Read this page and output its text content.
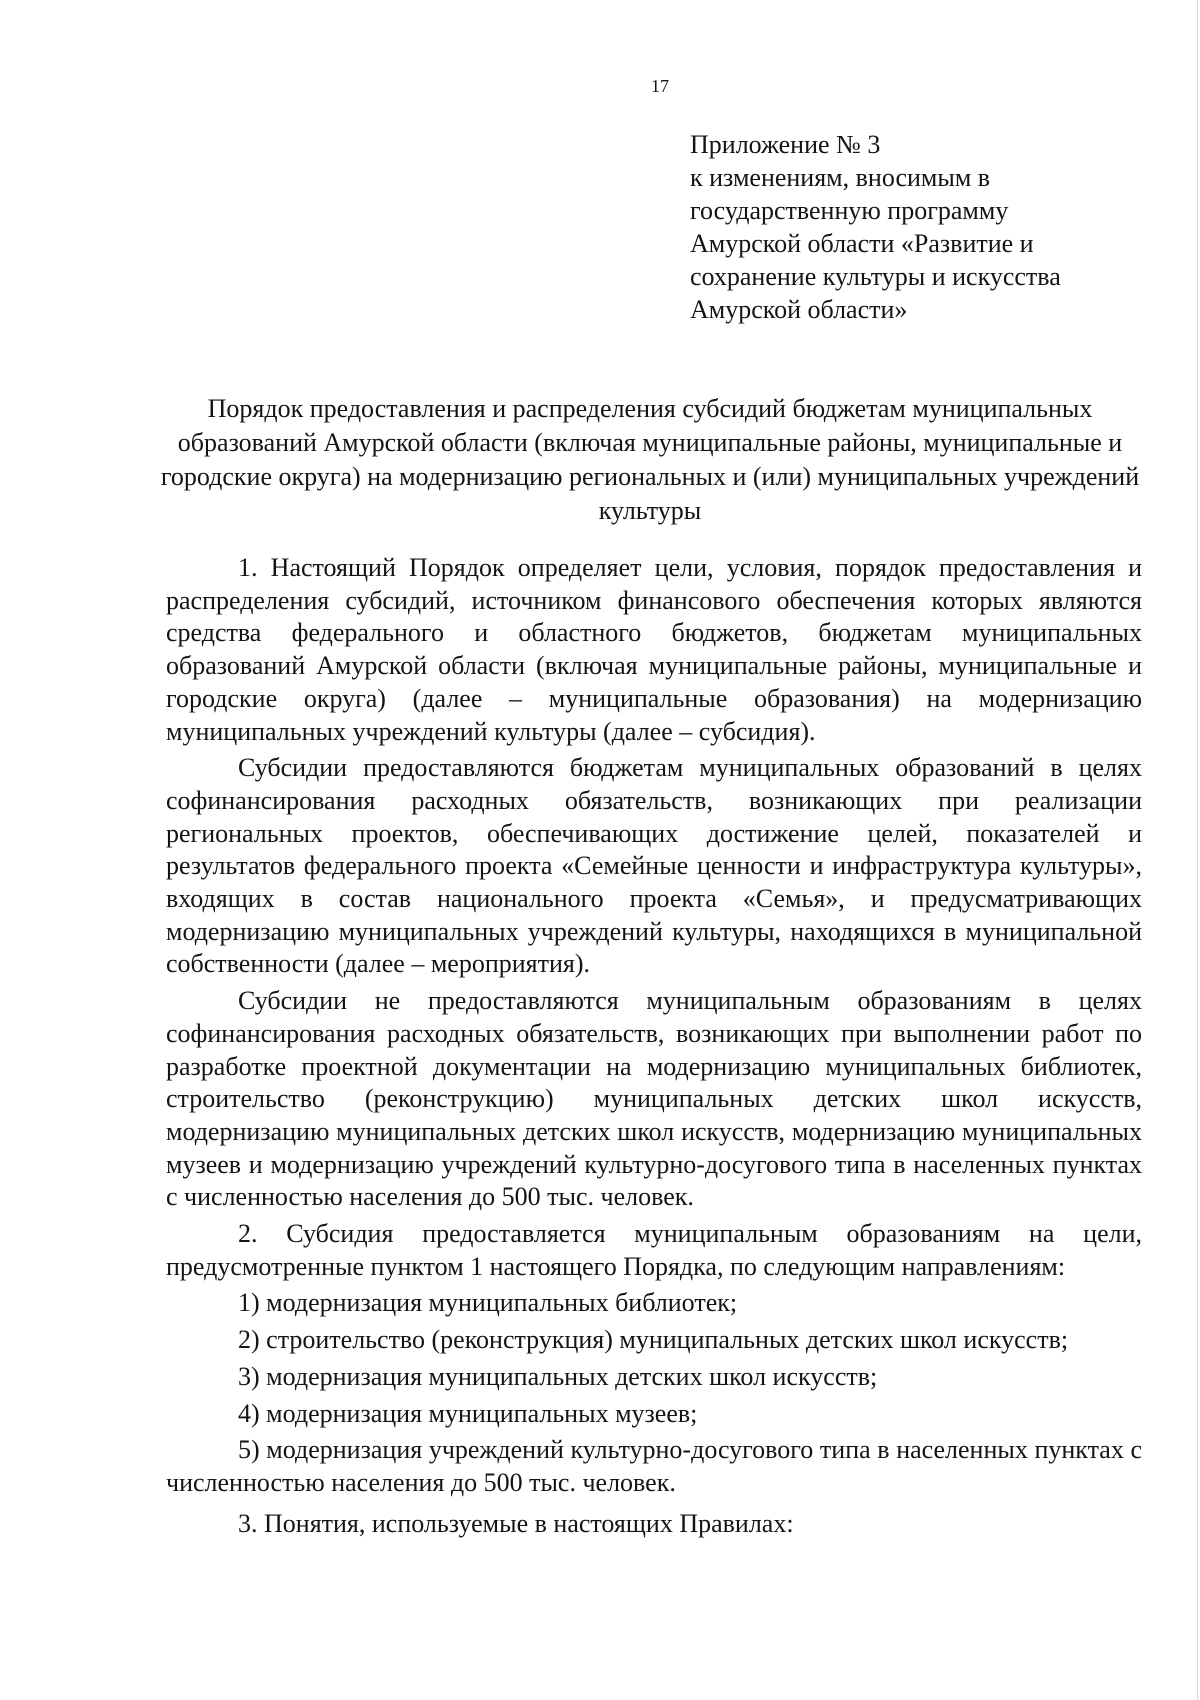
17
Приложение № 3
к изменениям, вносимым в
государственную программу
Амурской области «Развитие и
сохранение культуры и искусства
Амурской области»
Порядок предоставления и распределения субсидий бюджетам муниципальных образований Амурской области (включая муниципальные районы, муниципальные и городские округа) на модернизацию региональных и (или) муниципальных учреждений культуры

1. Настоящий Порядок определяет цели, условия, порядок предоставления и распределения субсидий, источником финансового обеспечения которых являются средства федерального и областного бюджетов, бюджетам муниципальных образований Амурской области (включая муниципальные районы, муниципальные и городские округа) (далее – муниципальные образования) на модернизацию муниципальных учреждений культуры (далее – субсидия).

Субсидии предоставляются бюджетам муниципальных образований в целях софинансирования расходных обязательств, возникающих при реализации региональных проектов, обеспечивающих достижение целей, показателей и результатов федерального проекта «Семейные ценности и инфраструктура культуры», входящих в состав национального проекта «Семья», и предусматривающих модернизацию муниципальных учреждений культуры, находящихся в муниципальной собственности (далее – мероприятия).

Субсидии не предоставляются муниципальным образованиям в целях софинансирования расходных обязательств, возникающих при выполнении работ по разработке проектной документации на модернизацию муниципальных библиотек, строительство (реконструкцию) муниципальных детских школ искусств, модернизацию муниципальных детских школ искусств, модернизацию муниципальных музеев и модернизацию учреждений культурно-досугового типа в населенных пунктах с численностью населения до 500 тыс. человек.

2. Субсидия предоставляется муниципальным образованиям на цели, предусмотренные пунктом 1 настоящего Порядка, по следующим направлениям:

1) модернизация муниципальных библиотек;

2) строительство (реконструкция) муниципальных детских школ искусств;

3) модернизация муниципальных детских школ искусств;

4) модернизация муниципальных музеев;

5) модернизация учреждений культурно-досугового типа в населенных пунктах с численностью населения до 500 тыс. человек.

3. Понятия, используемые в настоящих Правилах:
